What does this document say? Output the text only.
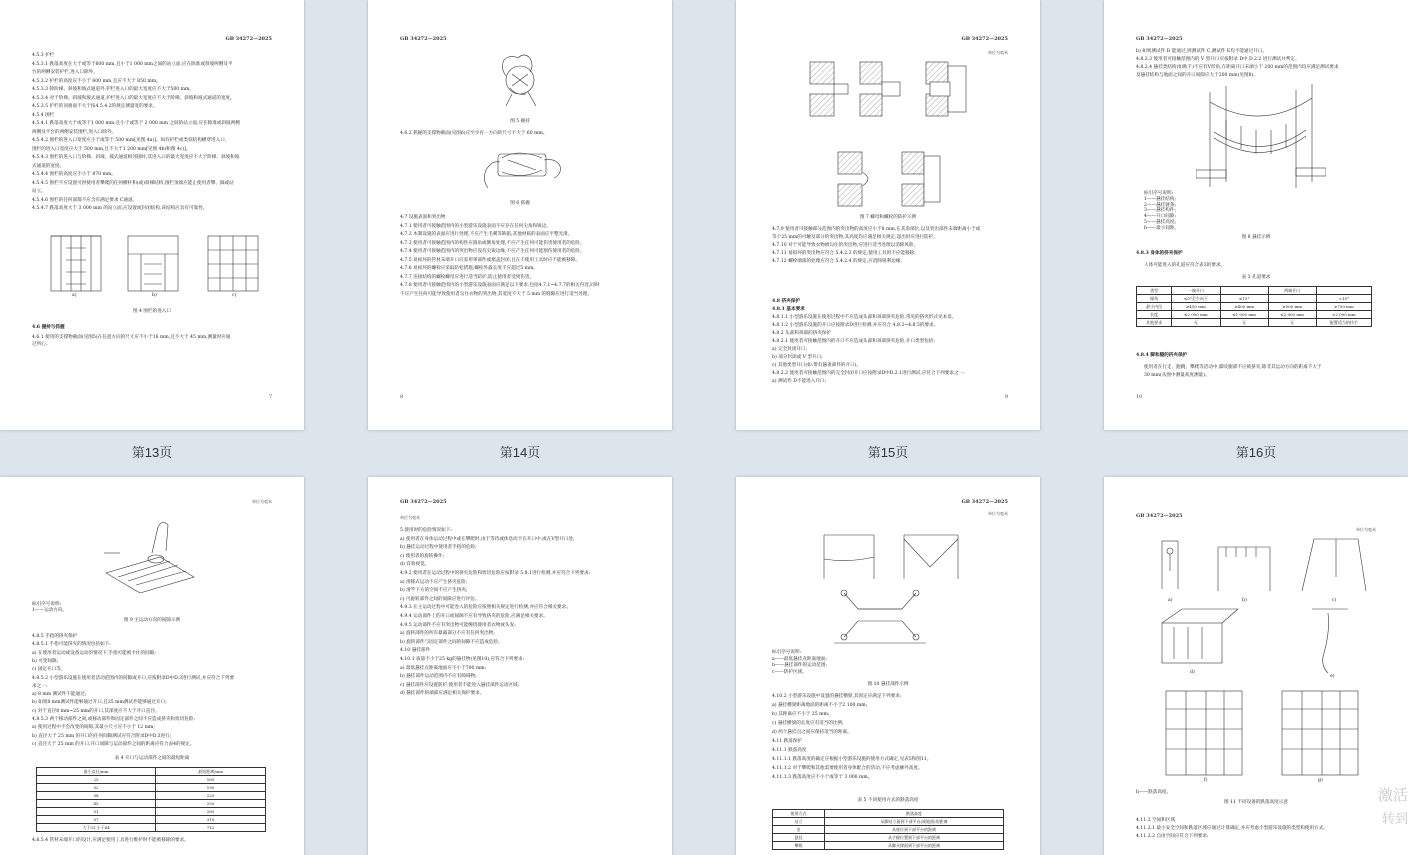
GB 34272—2025
4.5.3 护栏
4.5.3.1 跌落高度在大于或等于600 mm,且小于1 000 mm之间的站立面,应在除准或斜坡两侧及平
台的两侧安装护栏,进入口除外。
4.5.3.2 护栏的高度应不小于 600 mm,且应不大于 850 mm。
4.5.3.3 除阶梯、斜坡和坡式通道外,护栏进入口的最大宽度应不大于500 mm。
4.5.3.4 对于阶梯、斜坡和坡式通道,护栏进入口的最大宽度应不大于阶梯、斜坡和坡式通道的宽度。
4.5.3.5 护栏的顶端面不大于按4.5.4.2的规定测量宽的要求。
4.5.4 围栏
4.5.4.1 跌落高度大于或等于1 000 mm,且小于或等于 2 000 mm 之间的站立面,应在除准或斜坡两侧
两侧及平台的两侧安装围栏,进入口除外。
4.5.4.2 围栏的进入口宽度应小于或等于 500 mm[见图 4a)]。如有护栏或类似结构横穿进入口,
围栏的进入口宽度应大于 500 mm,且不大于1 200 mm[见图 4b)和图 4c)]。
4.5.4.3 围栏的进入口与阶梯、斜坡、坡式通道相邻接时,其进入口的最大宽度应不大于阶梯、斜坡和坡
式通道的宽度。
4.5.4.4 围栏的高度应不小于 870 mm。
4.5.4.5 围栏不应设置可供使用者攀爬的任何横杆和(或)斜梯结构,围栏顶端应能止使用者攀、踩或站
站立。
4.5.4.6 围栏的任何部都不应含有满足要求 C通道。
4.5.4.7 跌落高度大于 3 000 mm 的站立面,应设置或封闭结构,该结构应具有可靠性。
a)	b)	c)
图 4 围栏的进入口
4.6 握持与抓握
4.6.1 使用的支撑物截面(见图5)在任意方向的尺寸应不小于16 mm,且不大于 45 mm,测量时应通
过所心。
7
第13页
GB 34272—2025
图 5 握持
4.6.2 抓握的支撑物截面(见图6)应至少有一方向的尺寸不大于 60 mm。
图 6 抓握
4.7 设施表面和突出物
4.7.1 使用者可接触范围内的小型游乐设施表面不应存在任何尖角和锐边。
4.7.2 木制设施的表面应进行处理,不应产生毛刺等缺陷;其他材质的表面应平整光滑。
4.7.3 使用者可接触范围内的构件应圆角或倒角处理,不应产生任何可能伤害使用者的危险。
4.7.4 使用者可接触范围内的突出物应没有尖锐边缘,不应产生任何可能割伤使用者的危险。
4.7.5 易损坏的管材末端开口应采用零部件或堵盖封闭,且在不使用工具时应不能被移除。
4.7.6 易损坏的螺栓应采取防松措施,螺栓外露长度不应超过5 mm。
4.7.7 连接结构的螺栓螺母应进行适当防护,防止使用者受到伤害。
4.7.8 使用者可接触范围内的小型游乐设施表面应满足以下要求,包括4.7.1~4.7.7的相关内容,同时
不应产生任何可能导致使用者勾住衣物的突出物,其宽度不大于 5 mm 的缝隙应进行适当处理。
8
第14页
GB 34272—2025
单位为毫米
图 7 螺母和螺栓的防护示例
4.7.9 使用者可接触部分范围内的突出物的高度应小于8 mm,在其余部位,以及突出部件末端距离小于或
等于25 mm的可触及部分的突出物,其高度均应满足相关规定,超出时应进行防护。
4.7.10 对于可能导致衣物被勾住的突出物,应进行适当处理以消除风险。
4.7.11 易损坏的突出物应符合 5.4.2.3 的规定,使用工具时不应能移除。
4.7.12 螺栓端部的处理应符合 5.4.2.4 的规定,应消除锐利边缘。
4.8.1.1 小型游乐设施在使用过程中不应造成头部和颈部挤夹危险,常见的挤夹形式见本章。
4.8.1.2 小型游乐设施的开口应按附录D进行检测,并应符合 4.8.2~4.8.5的要求。
4.8.2 头部和颈部的挤夹保护
4.8.2.1 使用者可接触范围内的开口不应造成头部和颈部挤夹危险,开口类型包括:
a) 完全封闭开口;
b) 部分封闭或 V 型开口;
c) 其他类型开口(如:带有悬垂部件的开口)。
4.8.2.2 使用者可接触范围内的完全封闭开口应按附录D中D.2.1进行测试,应符合下列要求之一:
a) 测试件 D不能进入开口;
9
4.8 挤夹保护
4.8.1 基本要求
第15页
GB 34272—2025
b) 如果测试件 D 能通过,则测试件 C,测试件 E均不能通过开口。
4.8.2.3 使用者可接触范围内的 V 型开口应按附录 D中 D.2.2 进行测试并判定。
4.8.2.4 悬挂类结构(如秋千)不应有V形角,在距离开口末端小于 200 mm的范围内均应满足测试要求
及悬挂结构与地面之间的开口间隙应大于200 mm(见图8)。
标引序号说明:
1——悬挂结构;
2——悬挂链条;
3——悬挂构件;
4——开口间隙;
5——悬挂高度;
h——最小间距。
图 8 悬挂示例
4.8.3 身体的挤夹保护
人体可能进入的孔道应符合表3的要求。
表 3 孔道要求
类型	一端开口		两端开口	
倾角	≤5°至少向下	≤15°		>15°
最小内径	≥450 mm	≥400 mm	≥500 mm	≥750 mm
长度	≤2 000 mm	≤1 000 mm	≤2 000 mm	>2 000 mm
其他要求	无	无	无	配置适当的扶手
4.8.4 脚和腿的挤夹保护
使用者在行走、跑跳、攀爬等活动中,脚及腿部不应被挤夹,除非其运动方向的距离不大于
30 mm(从图中测量高度测量)。
10
第16页
单位为毫米
标引序号说明:
1——运动方向。
图 9 主运动方向的间隙示例
4.8.5 手指的挤夹保护
4.8.5.1 手指可能挤夹的情况包括如下:
a) 在使用者运动或设备运动的情况下,手指可能被卡住的间隙;
b) 可变间隙;
c) 固定开口等。
4.8.5.2 小型游乐设施在使用者活动范围内的间隙或开口,应按附录D中D.3进行测试,并应符合下列要
求之一:
a) 8 mm 测试件不能通过;
b) 如果8 mm测试件能够通过开口,且25 mm测试件能够通过开口;
c) 对于直径8 mm~25 mm的开口,其深度应不大于开口直径。
4.8.5.3 两个移动部件之间,或移动部件和固定部件之间不应造成挤夹和剪切危险:
a) 使用过程中不会改变的间隙,其最小尺寸应不小于 12 mm;
b) 直径大于 25 mm 的开口的任何间隙测试应符合附录D中D.3进行;
c) 直径大于 25 mm 的开口,开口间隙与运动部件之间的距离应符合表4的规定。
表 4 开口与运动部件之间的最短距离
最小直径/mm	最短距离/mm
25	165
32	190
38	220
45	250
51	285
57	310
大于51 小于64	712
4.8.5.4 管材末端开口的设计,应满足使用工具进行维护时不能被移除的要求。
GB 34272—2025
单位为毫米
5.使用时的危险情况如下:
a) 使用者在身体运动过程中或在攀爬时,由于等待或休息而卡在开口中,或在V型开口处;
b) 悬挂运动过程中使用者手指的危险;
c) 使用者的旋转操作;
d) 有效视觉。
4.9.2 使用者在运动过程中的挤夹危险和剪切危险应按附录 5.8.1进行检测,并应符合下列要求:
a) 滑移式运动不应产生挤夹危险;
b) 滑竿下方的空间不应产生挤夹;
c) 可旋转部件之间的间隙应进行评估。
4.9.3 在主运动过程中可能卷入的危险应按照相关规定进行检测,并应符合相关要求。
4.9.4 运动部件上的开口或间隙不应有导致挤夹的危险,应满足相关要求。
4.9.5 运动部件不应有突出物可能缠绕使用者衣物或头发:
a) 旋转部件的所有暴露部分不应有任何突出物;
b) 旋转部件与固定部件之间的间隙不应造成危险。
4.10 悬挂部件
4.10.1 质量不小于25 kg的悬挂物(见图10),应符合下列要求:
a) 最低悬挂点距离地面应不小于700 mm;
b) 悬挂部件运动范围内不应有障碍物;
c) 悬挂部件应设置防护,使用者不能进入悬挂部件运动区域;
d) 悬挂部件的端部应满足相关保护要求。
GB 34272—2025
单位为毫米
标引序号说明:
a——最低悬挂点距离地面;
b——悬挂部件的运动范围;
c——防护区域。
图 10 悬挂部件示例
4.10.2 小型游乐设施中设置的悬挂横梁,其固定应满足下列要求:
a) 悬挂横梁距离地面的距离不小于2 100 mm;
b) 其距离应不小于 25 mm;
c) 悬挂横梁的长度应有适当的比例;
d) 两个悬挂点之间应保持适当的距离。
4.11 跌落保护
4.11.1 跌落高度
4.11.1.1 跌落高度的确定应根据小型游乐设施的使用方式确定,见表5和图11。
4.11.1.2 对于攀爬和其他需要使用者身体配合的活动,不应考虑额外高度。
4.11.1.3 跌落高度应不小于或等于 3 000 mm。
表 5 不同使用方式的跌落高度
使用方式	跌落高度
站立	从脚站立面到下部平台(或地面)的距离
坐	从座位到下部平台的距离
悬挂	从手握位置到下部平台的距离
攀爬	从脚支撑面到下部平台的距离
GB 34272—2025
单位为毫米
a)	b)	c)
d)
e)
f)	g)
h——跌落高度。
图 11 不同设备的跌落高度示意
4.11.2 空间和区域
4.11.2.1 最小安全空间和跌落区域应通过计算确定,并应考虑小型游乐设施的类型和使用方式。
4.11.2.2 自由空间应符合下列要求:
激活
转到
